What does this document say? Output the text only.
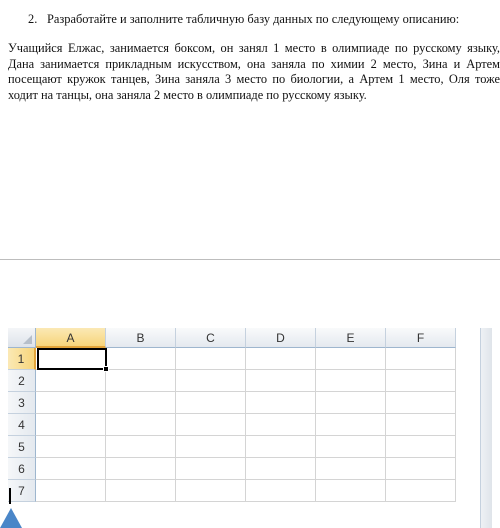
2. Разработайте и заполните табличную базу данных по следующему описанию:
Учащийся Елжас, занимается боксом, он занял 1 место в олимпиаде по русскому языку, Дана занимается прикладным искусством, она заняла по химии 2 место, Зина и Артем посещают кружок танцев, Зина заняла 3 место по биологии, а Артем 1 место, Оля тоже ходит на танцы, она заняла 2 место в олимпиаде по русскому языку.
A	B	C	D	E	F
1
2
3
4
5
6
7
